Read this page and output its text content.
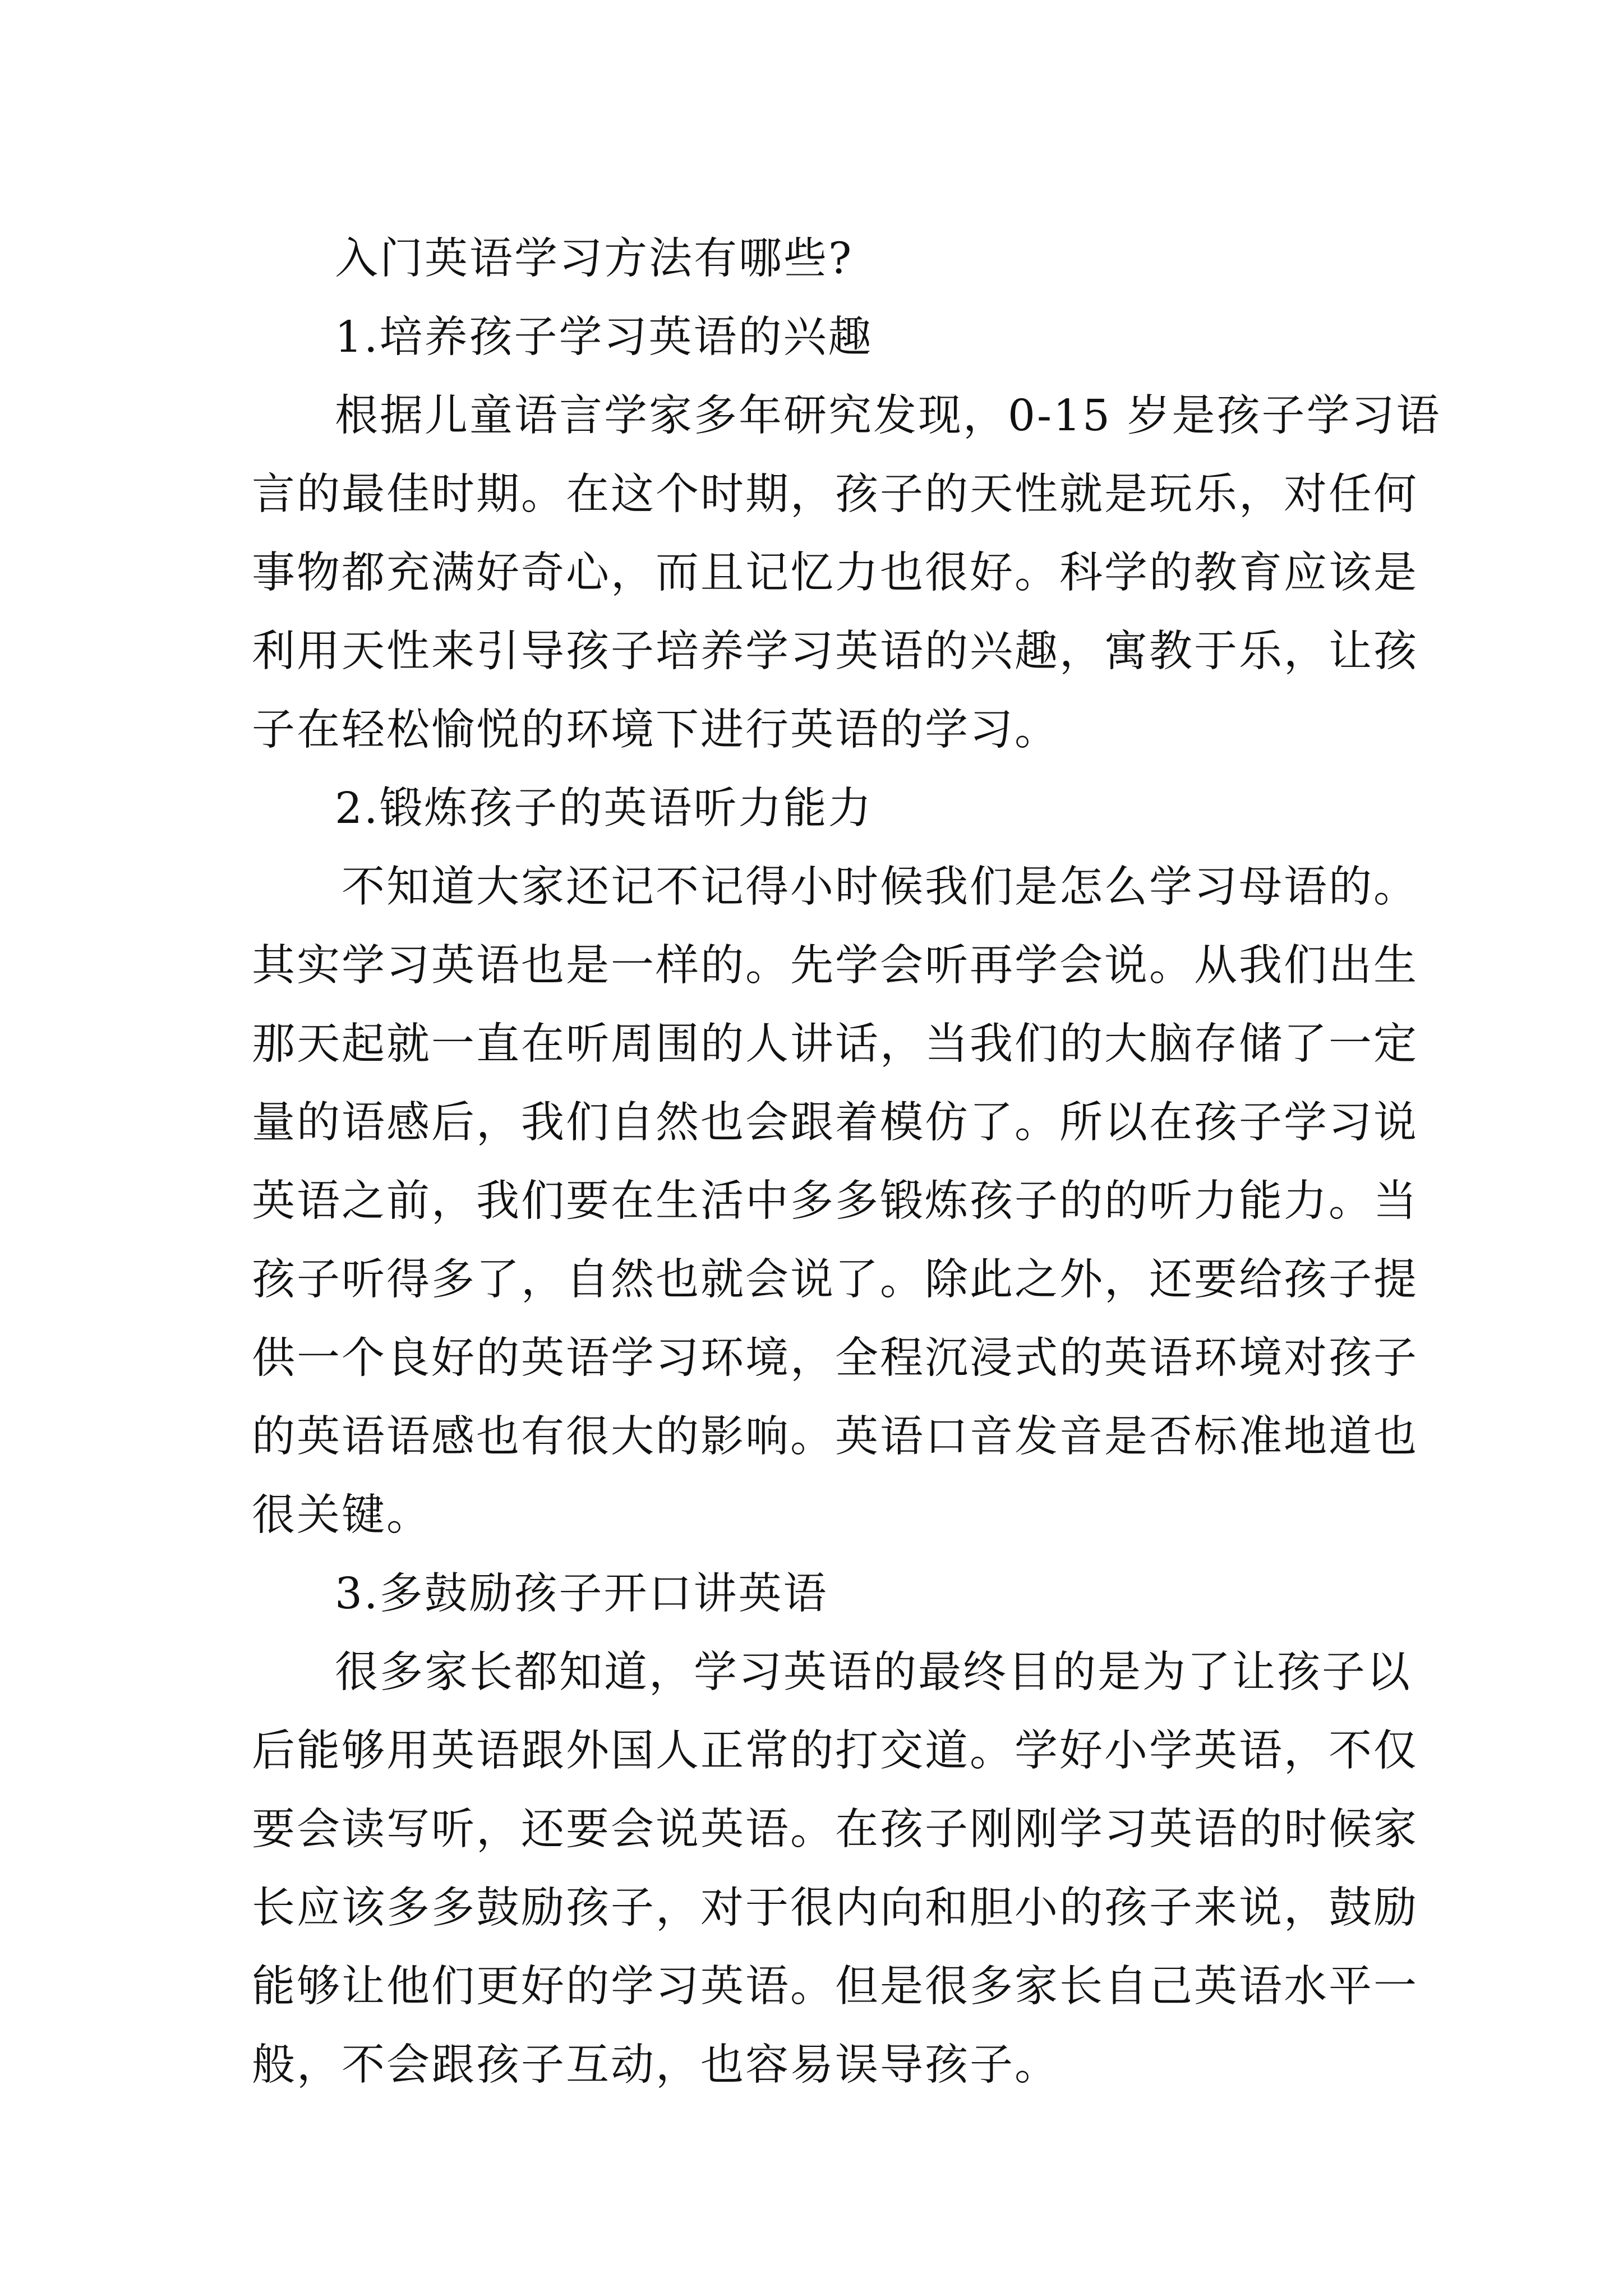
入门英语学习方法有哪些?

1.培养孩子学习英语的兴趣

根据儿童语言学家多年研究发现，0-15 岁是孩子学习语

言的最佳时期。在这个时期，孩子的天性就是玩乐，对任何

事物都充满好奇心，而且记忆力也很好。科学的教育应该是

利用天性来引导孩子培养学习英语的兴趣，寓教于乐，让孩

子在轻松愉悦的环境下进行英语的学习。

2.锻炼孩子的英语听力能力

不知道大家还记不记得小时候我们是怎么学习母语的。

其实学习英语也是一样的。先学会听再学会说。从我们出生

那天起就一直在听周围的人讲话，当我们的大脑存储了一定

量的语感后，我们自然也会跟着模仿了。所以在孩子学习说

英语之前，我们要在生活中多多锻炼孩子的的听力能力。当

孩子听得多了，自然也就会说了。除此之外，还要给孩子提

供一个良好的英语学习环境，全程沉浸式的英语环境对孩子

的英语语感也有很大的影响。英语口音发音是否标准地道也

很关键。

3.多鼓励孩子开口讲英语

很多家长都知道，学习英语的最终目的是为了让孩子以

后能够用英语跟外国人正常的打交道。学好小学英语，不仅

要会读写听，还要会说英语。在孩子刚刚学习英语的时候家

长应该多多鼓励孩子，对于很内向和胆小的孩子来说，鼓励

能够让他们更好的学习英语。但是很多家长自己英语水平一

般，不会跟孩子互动，也容易误导孩子。
